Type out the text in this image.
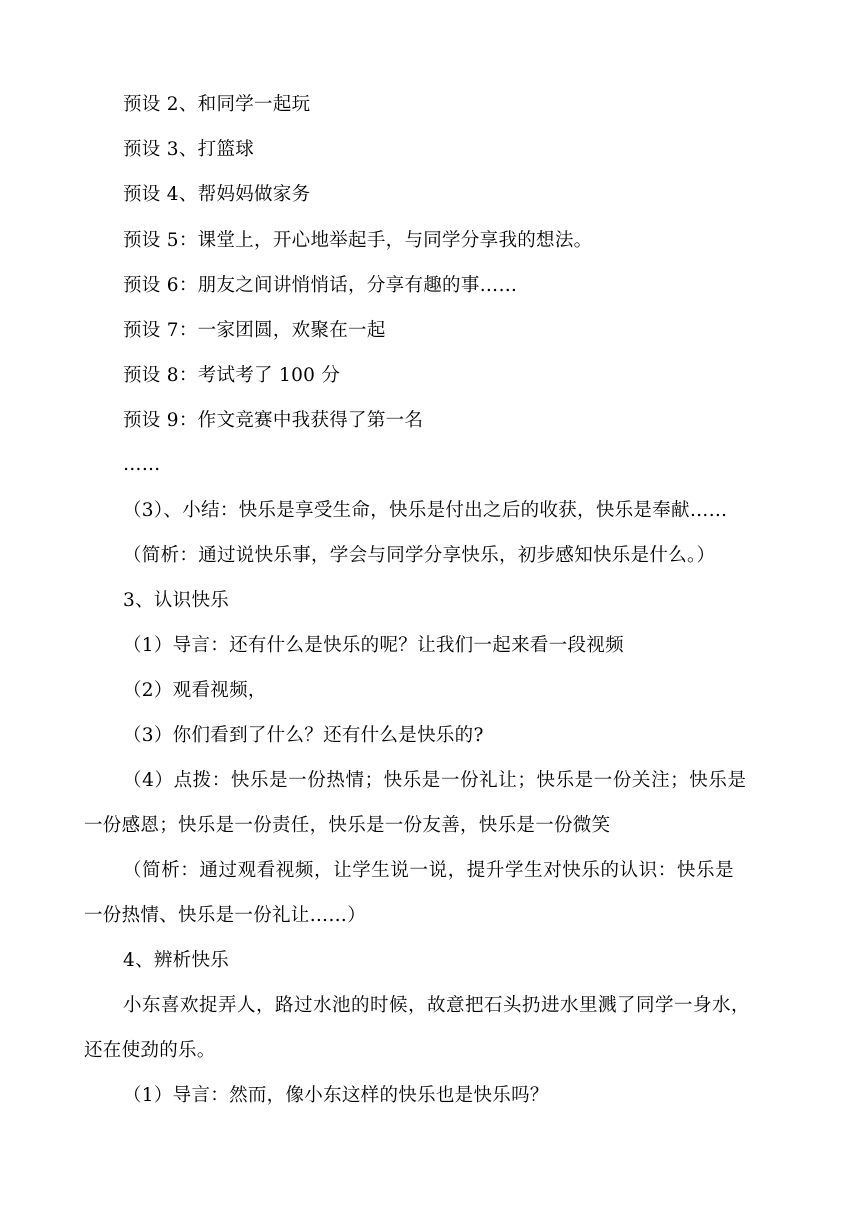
预设 2、和同学一起玩
预设 3、打篮球
预设 4、帮妈妈做家务
预设 5：课堂上，开心地举起手，与同学分享我的想法。
预设 6：朋友之间讲悄悄话，分享有趣的事……
预设 7：一家团圆，欢聚在一起
预设 8：考试考了 100 分
预设 9：作文竞赛中我获得了第一名
……
（3）、小结：快乐是享受生命，快乐是付出之后的收获，快乐是奉献……
（简析：通过说快乐事，学会与同学分享快乐，初步感知快乐是什么。）
3、认识快乐
（1）导言：还有什么是快乐的呢？让我们一起来看一段视频
（2）观看视频，
（3）你们看到了什么？还有什么是快乐的?
（4）点拨：快乐是一份热情；快乐是一份礼让；快乐是一份关注；快乐是
一份感恩；快乐是一份责任，快乐是一份友善，快乐是一份微笑
（简析：通过观看视频，让学生说一说，提升学生对快乐的认识：快乐是
一份热情、快乐是一份礼让……）
4、辨析快乐
小东喜欢捉弄人，路过水池的时候，故意把石头扔进水里溅了同学一身水，
还在使劲的乐。
（1）导言：然而，像小东这样的快乐也是快乐吗？
